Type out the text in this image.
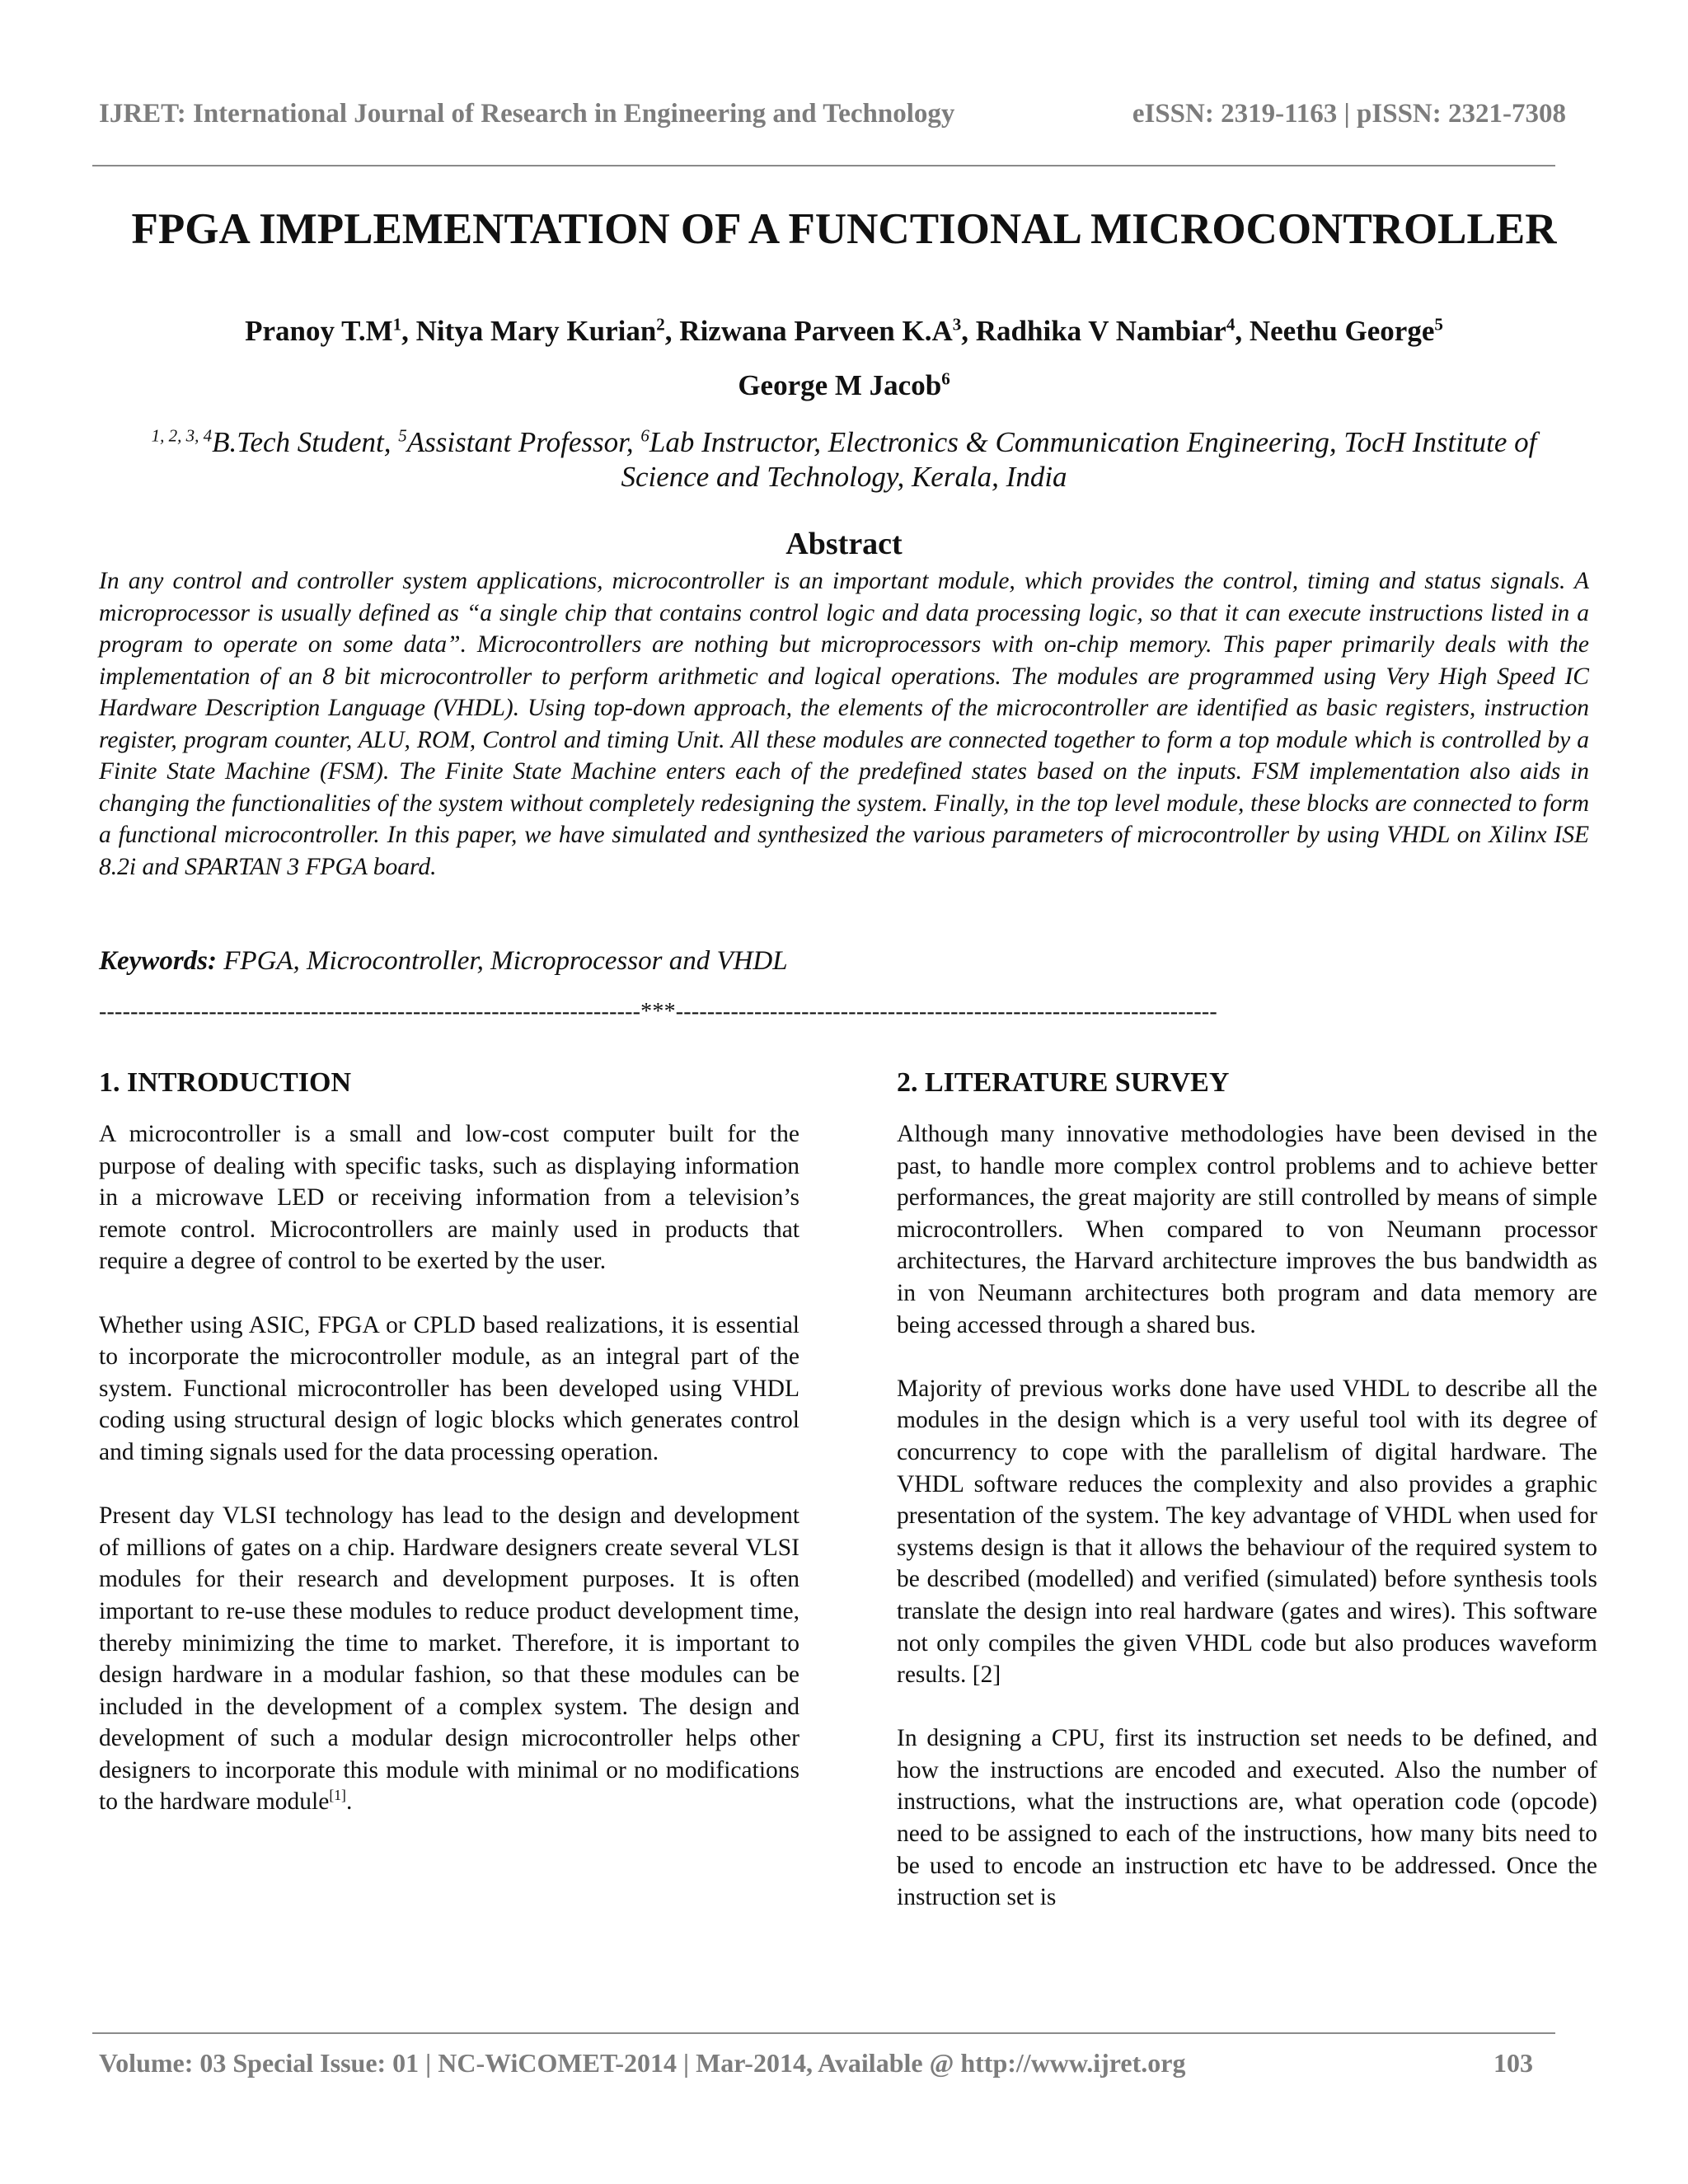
IJRET: International Journal of Research in Engineering and Technology	eISSN: 2319-1163 | pISSN: 2321-7308
FPGA IMPLEMENTATION OF A FUNCTIONAL MICROCONTROLLER
Pranoy $T.M^1$, Nitya Mary Kurian$^2$, Rizwana Parveen $K.A^3$, Radhika V Nambiar$^4$, Neethu George$^5$
George M Jacob$^6$
$^{1, 2, 3, 4}$B.Tech Student, $^5$Assistant Professor, $^6$Lab Instructor, Electronics & Communication Engineering, TocH Institute of
Science and Technology, Kerala, India
Abstract
In any control and controller system applications, microcontroller is an important module, which provides the control, timing and status signals. A microprocessor is usually defined as “a single chip that contains control logic and data processing logic, so that it can execute instructions listed in a program to operate on some data”. Microcontrollers are nothing but microprocessors with on-chip memory. This paper primarily deals with the implementation of an 8 bit microcontroller to perform arithmetic and logical operations. The modules are programmed using Very High Speed IC Hardware Description Language (VHDL). Using top-down approach, the elements of the microcontroller are identified as basic registers, instruction register, program counter, ALU, ROM, Control and timing Unit. All these modules are connected together to form a top module which is controlled by a Finite State Machine (FSM). The Finite State Machine enters each of the predefined states based on the inputs. FSM implementation also aids in changing the functionalities of the system without completely redesigning the system. Finally, in the top level module, these blocks are connected to form a functional microcontroller. In this paper, we have simulated and synthesized the various parameters of microcontroller by using VHDL on Xilinx ISE 8.2i and SPARTAN 3 FPGA board.
Keywords: FPGA, Microcontroller, Microprocessor and VHDL
---------------------------------------------------------------------***---------------------------------------------------------------------
1. INTRODUCTION

A microcontroller is a small and low-cost computer built for the purpose of dealing with specific tasks, such as displaying information in a microwave LED or receiving information from a television’s remote control. Microcontrollers are mainly used in products that require a degree of control to be exerted by the user.

Whether using ASIC, FPGA or CPLD based realizations, it is essential to incorporate the microcontroller module, as an integral part of the system. Functional microcontroller has been developed using VHDL coding using structural design of logic blocks which generates control and timing signals used for the data processing operation.

Present day VLSI technology has lead to the design and development of millions of gates on a chip. Hardware designers create several VLSI modules for their research and development purposes. It is often important to re-use these modules to reduce product development time, thereby minimizing the time to market. Therefore, it is important to design hardware in a modular fashion, so that these modules can be included in the development of a complex system. The design and development of such a modular design microcontroller helps other designers to incorporate this module with minimal or no modifications to the hardware module[1].

2. LITERATURE SURVEY

Although many innovative methodologies have been devised in the past, to handle more complex control problems and to achieve better performances, the great majority are still controlled by means of simple microcontrollers. When compared to von Neumann processor architectures, the Harvard architecture improves the bus bandwidth as in von Neumann architectures both program and data memory are being accessed through a shared bus.

Majority of previous works done have used VHDL to describe all the modules in the design which is a very useful tool with its degree of concurrency to cope with the parallelism of digital hardware. The VHDL software reduces the complexity and also provides a graphic presentation of the system. The key advantage of VHDL when used for systems design is that it allows the behaviour of the required system to be described (modelled) and verified (simulated) before synthesis tools translate the design into real hardware (gates and wires). This software not only compiles the given VHDL code but also produces waveform results. [2]

In designing a CPU, first its instruction set needs to be defined, and how the instructions are encoded and executed. Also the number of instructions, what the instructions are, what operation code (opcode) need to be assigned to each of the instructions, how many bits need to be used to encode an instruction etc have to be addressed. Once the instruction set is

Volume: 03 Special Issue: 01 | NC-WiCOMET-2014 | Mar-2014, Available @ http://www.ijret.org	103
